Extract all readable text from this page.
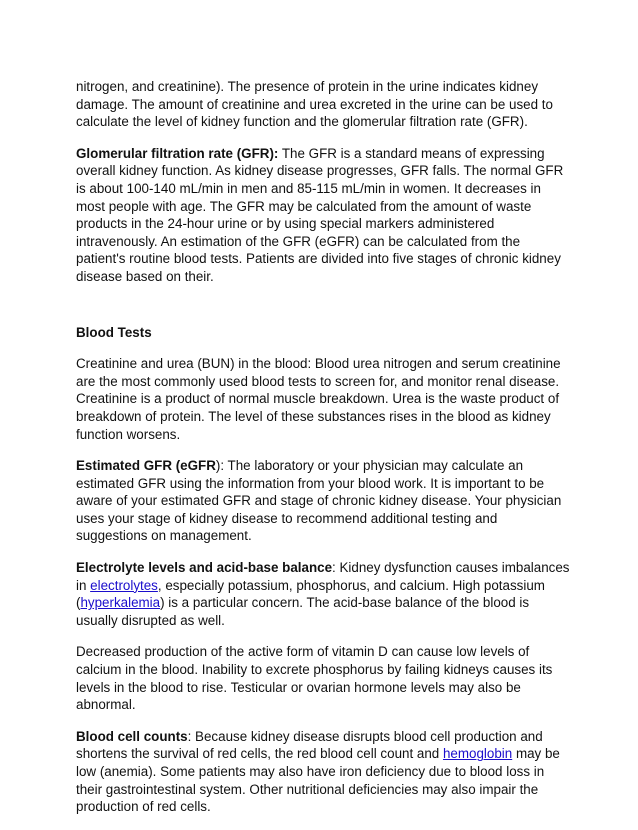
nitrogen, and creatinine). The presence of protein in the urine indicates kidney damage. The amount of creatinine and urea excreted in the urine can be used to calculate the level of kidney function and the glomerular filtration rate (GFR).

Glomerular filtration rate (GFR): The GFR is a standard means of expressing overall kidney function. As kidney disease progresses, GFR falls. The normal GFR is about 100-140 mL/min in men and 85-115 mL/min in women. It decreases in most people with age. The GFR may be calculated from the amount of waste products in the 24-hour urine or by using special markers administered intravenously. An estimation of the GFR (eGFR) can be calculated from the patient's routine blood tests. Patients are divided into five stages of chronic kidney disease based on their.

Blood Tests

Creatinine and urea (BUN) in the blood: Blood urea nitrogen and serum creatinine are the most commonly used blood tests to screen for, and monitor renal disease. Creatinine is a product of normal muscle breakdown. Urea is the waste product of breakdown of protein. The level of these substances rises in the blood as kidney function worsens.

Estimated GFR (eGFR): The laboratory or your physician may calculate an estimated GFR using the information from your blood work. It is important to be aware of your estimated GFR and stage of chronic kidney disease. Your physician uses your stage of kidney disease to recommend additional testing and suggestions on management.

Electrolyte levels and acid-base balance: Kidney dysfunction causes imbalances in electrolytes, especially potassium, phosphorus, and calcium. High potassium (hyperkalemia) is a particular concern. The acid-base balance of the blood is usually disrupted as well.

Decreased production of the active form of vitamin D can cause low levels of calcium in the blood. Inability to excrete phosphorus by failing kidneys causes its levels in the blood to rise. Testicular or ovarian hormone levels may also be abnormal.

Blood cell counts: Because kidney disease disrupts blood cell production and shortens the survival of red cells, the red blood cell count and hemoglobin may be low (anemia). Some patients may also have iron deficiency due to blood loss in their gastrointestinal system. Other nutritional deficiencies may also impair the production of red cells.
